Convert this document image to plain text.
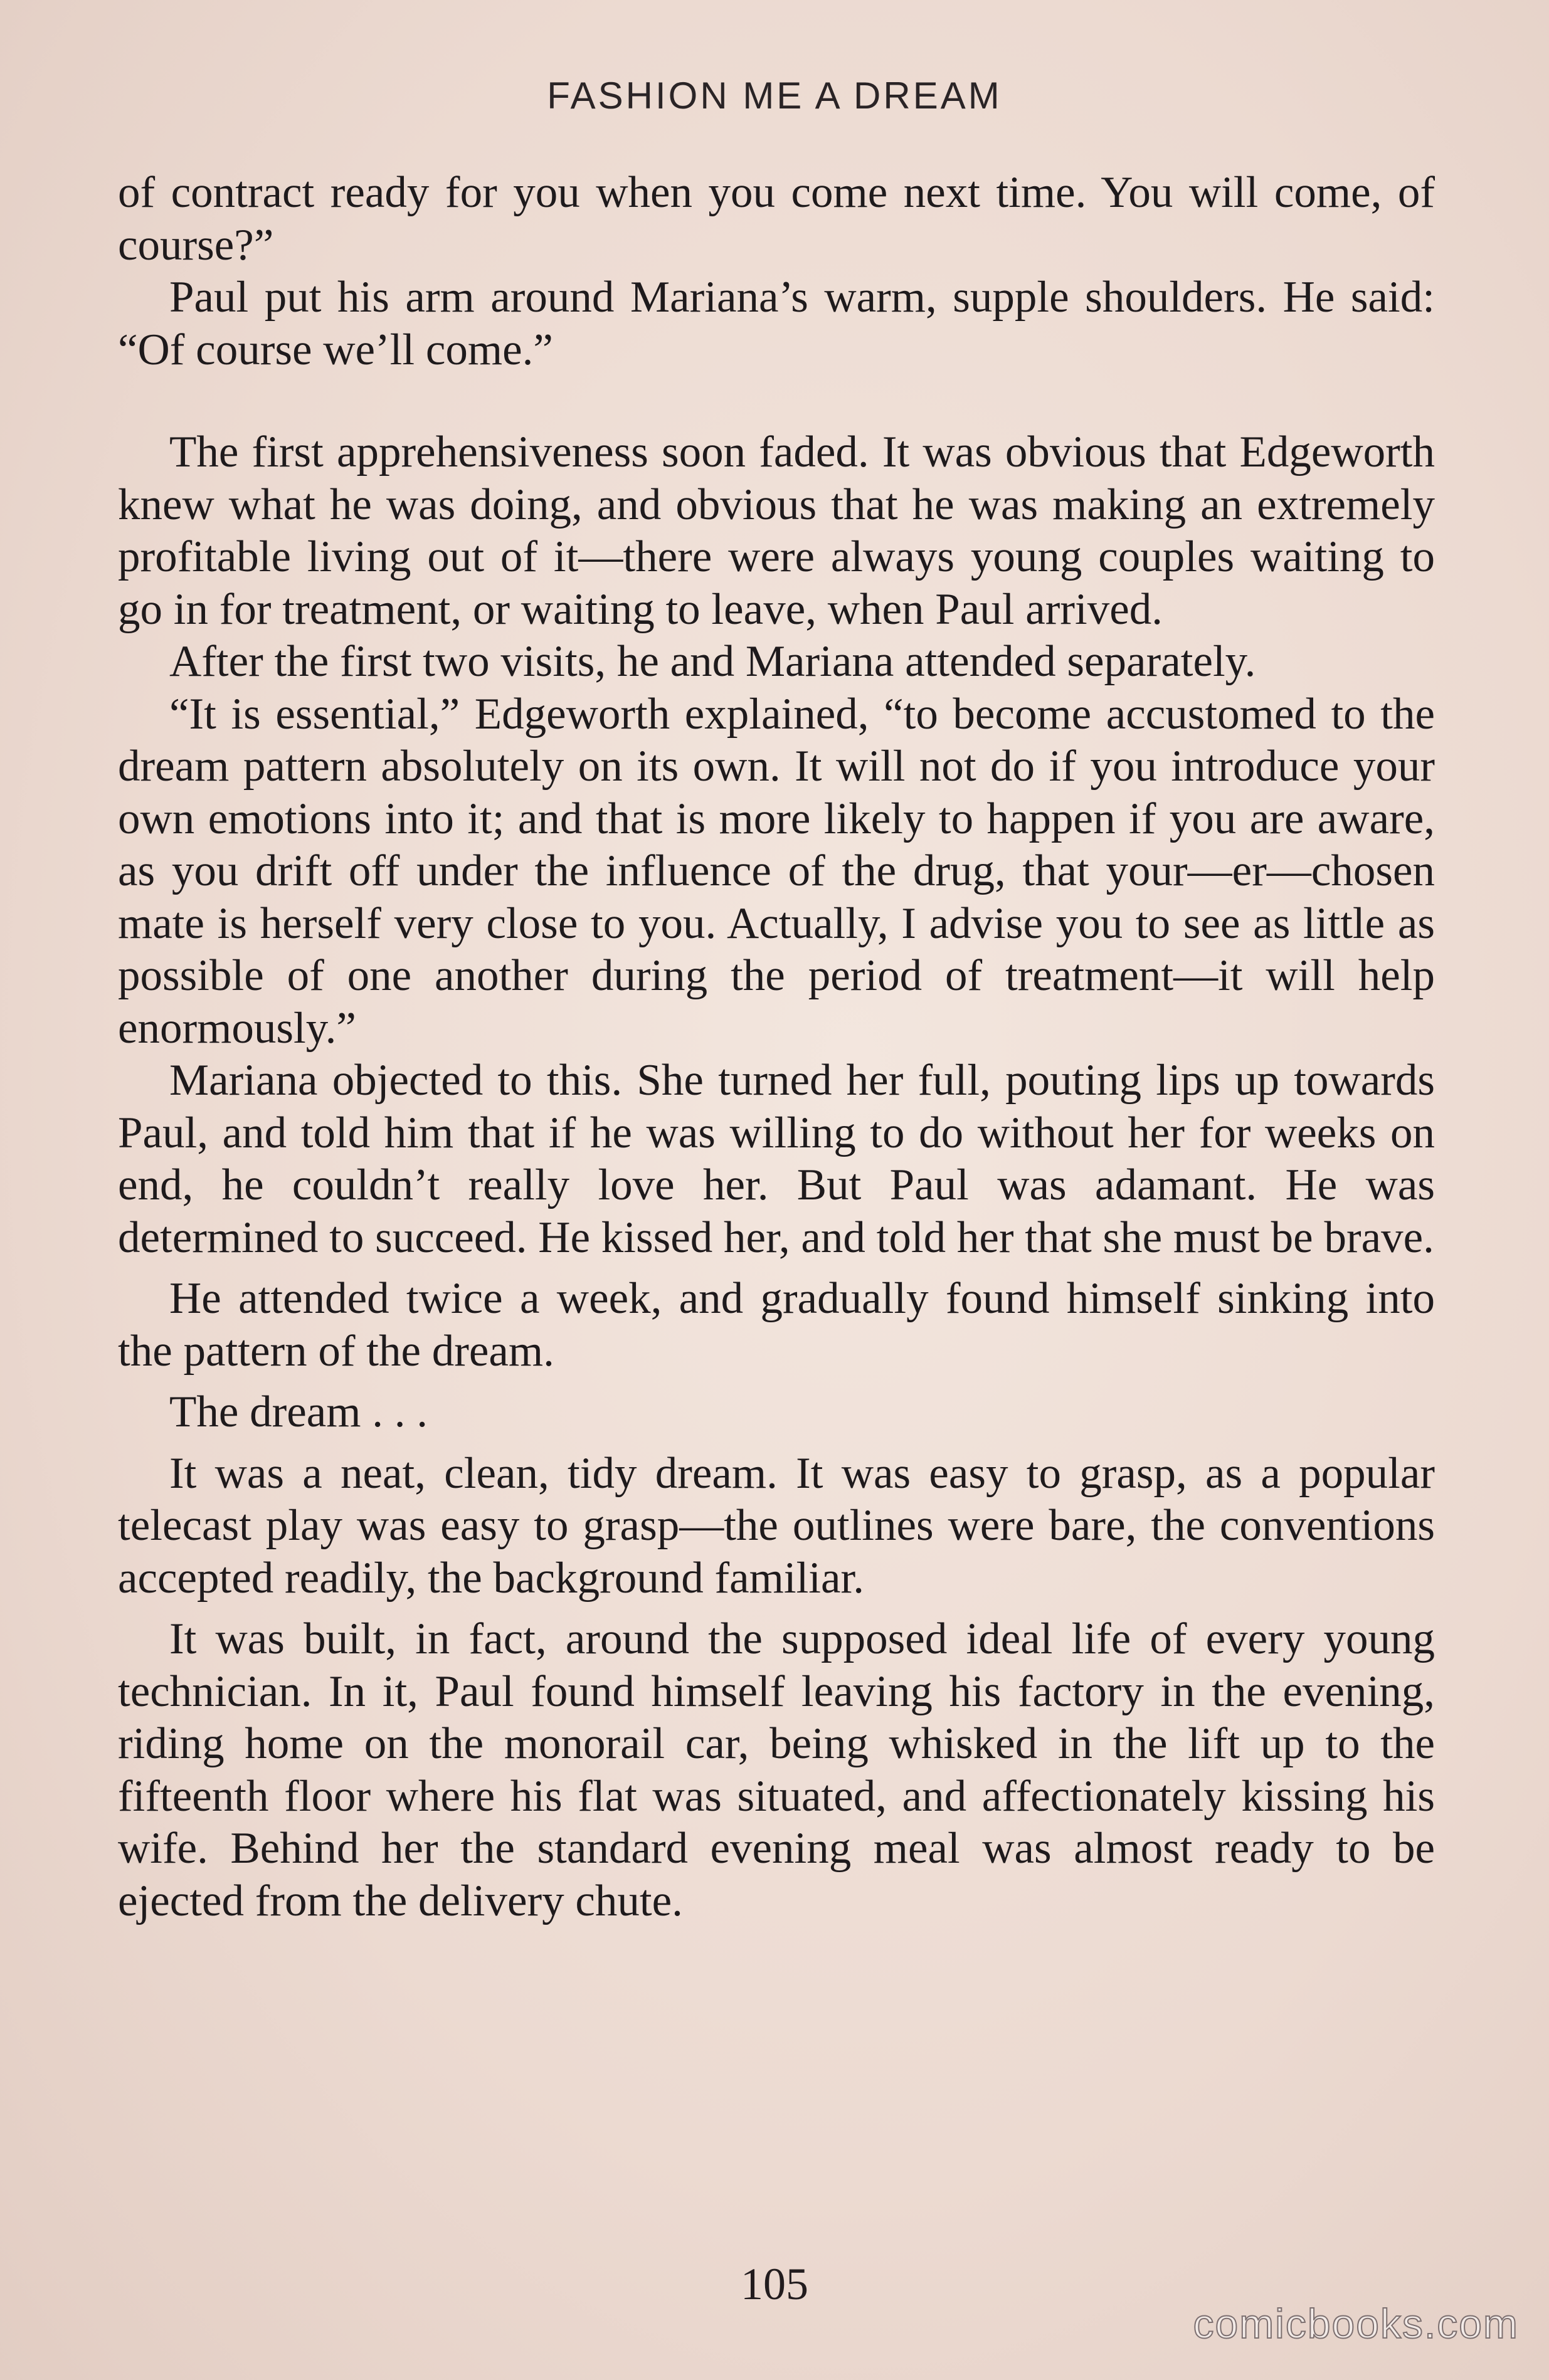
FASHION ME A DREAM

of contract ready for you when you come next time. You will come, of course?”

Paul put his arm around Mariana’s warm, supple shoulders. He said: “Of course we’ll come.”

The first apprehensiveness soon faded. It was obvious that Edgeworth knew what he was doing, and obvious that he was making an extremely profitable living out of it—there were always young couples waiting to go in for treatment, or waiting to leave, when Paul arrived.

After the first two visits, he and Mariana attended separately.

“It is essential,” Edgeworth explained, “to become accustomed to the dream pattern absolutely on its own. It will not do if you introduce your own emotions into it; and that is more likely to happen if you are aware, as you drift off under the influence of the drug, that your—er—chosen mate is herself very close to you. Actually, I advise you to see as little as possible of one another during the period of treatment—it will help enormously.”

Mariana objected to this. She turned her full, pouting lips up towards Paul, and told him that if he was willing to do without her for weeks on end, he couldn’t really love her. But Paul was adamant. He was determined to succeed. He kissed her, and told her that she must be brave.

He attended twice a week, and gradually found himself sinking into the pattern of the dream.

The dream . . .

It was a neat, clean, tidy dream. It was easy to grasp, as a popular telecast play was easy to grasp—the outlines were bare, the conventions accepted readily, the background familiar.

It was built, in fact, around the supposed ideal life of every young technician. In it, Paul found himself leaving his factory in the evening, riding home on the monorail car, being whisked in the lift up to the fifteenth floor where his flat was situated, and affectionately kissing his wife. Behind her the standard evening meal was almost ready to be ejected from the delivery chute.

105
comicbooks.com
